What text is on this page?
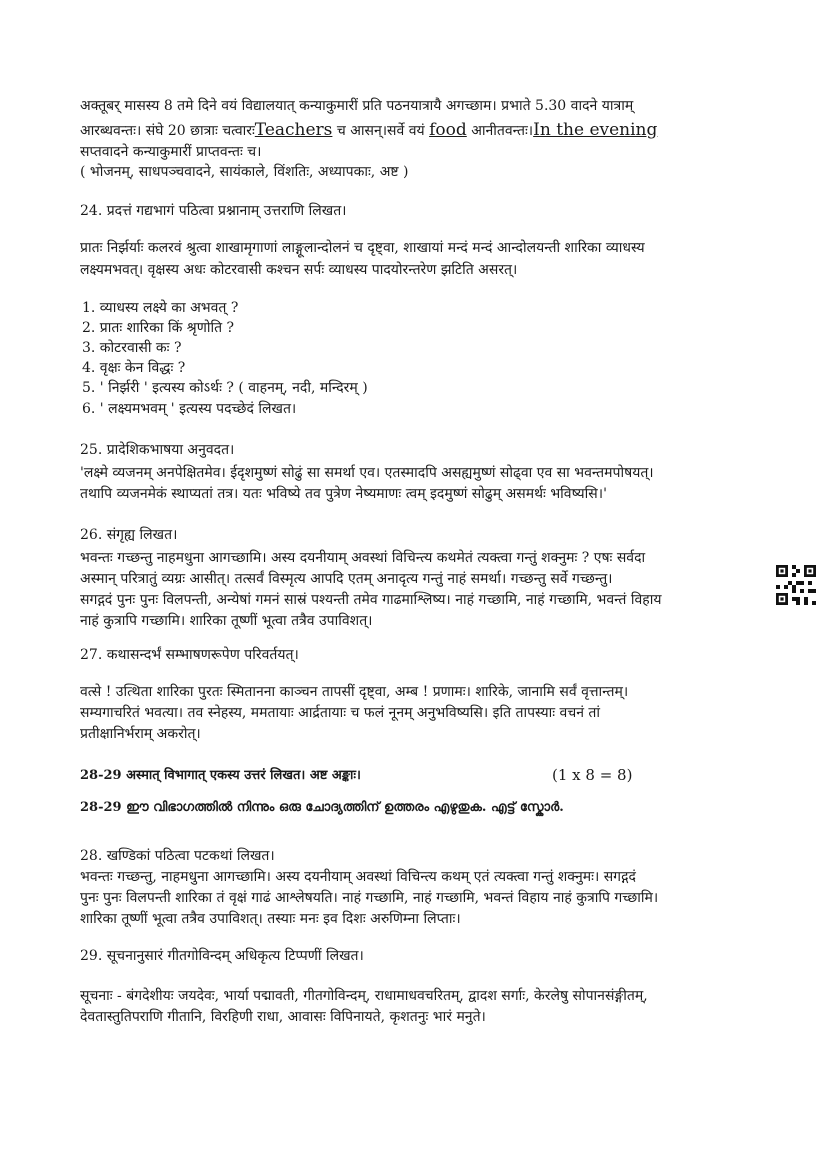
अक्तूबर् मासस्य 8 तमे दिने वयं विद्यालयात् कन्याकुमारीं प्रति पठनयात्रायै अगच्छाम। प्रभाते 5.30 वादने यात्राम्
आरब्धवन्तः। संघे 20 छात्राः चत्वारःTeachers च आसन्।सर्वे वयं food आनीतवन्तः।In the evening
सप्तवादने कन्याकुमारीं प्राप्तवन्तः च।
( भोजनम्, साधपञ्चवादने, सायंकाले, विंशतिः, अध्यापकाः, अष्ट )
24. प्रदत्तं गद्यभागं पठित्वा प्रश्नानाम् उत्तराणि लिखत।
प्रातः निर्झर्याः कलरवं श्रुत्वा शाखामृगाणां लाङ्गूलान्दोलनं च दृष्ट्वा, शाखायां मन्दं मन्दं आन्दोलयन्ती शारिका व्याधस्य
लक्ष्यमभवत्। वृक्षस्य अधः कोटरवासी कश्चन सर्पः व्याधस्य पादयोरन्तरेण झटिति असरत्।
1. व्याधस्य लक्ष्ये का अभवत् ?
2. प्रातः शारिका किं श्रृणोति ?
3. कोटरवासी कः ?
4. वृक्षः केन विद्धः ?
5. ' निर्झरी ' इत्यस्य कोऽर्थः ? ( वाहनम्, नदी, मन्दिरम् )
6. ' लक्ष्यमभवम् ' इत्यस्य पदच्छेदं लिखत।
25. प्रादेशिकभाषया अनुवदत।
'लक्ष्मे व्यजनम् अनपेक्षितमेव। ईदृशमुष्णं सोढुं सा समर्था एव। एतस्मादपि असह्यमुष्णं सोढ्वा एव सा भवन्तमपोषयत्।
तथापि व्यजनमेकं स्थाप्यतां तत्र। यतः भविष्ये तव पुत्रेण नेष्यमाणः त्वम् इदमुष्णं सोढुम् असमर्थः भविष्यसि।'
26. संगृह्य लिखत।
भवन्तः गच्छन्तु नाहमधुना आगच्छामि। अस्य दयनीयाम् अवस्थां विचिन्त्य कथमेतं त्यक्त्वा गन्तुं शक्नुमः ? एषः सर्वदा
अस्मान् परित्रातुं व्यग्रः आसीत्। तत्सर्वं विस्मृत्य आपदि एतम् अनादृत्य गन्तुं नाहं समर्था। गच्छन्तु सर्वे गच्छन्तु।
सगद्गदं पुनः पुनः विलपन्ती, अन्येषां गमनं सास्रं पश्यन्ती तमेव गाढमाश्लिष्य। नाहं गच्छामि, नाहं गच्छामि, भवन्तं विहाय
नाहं कुत्रापि गच्छामि। शारिका तूष्णीं भूत्वा तत्रैव उपाविशत्।
27. कथासन्दर्भं सम्भाषणरूपेण परिवर्तयत्।
वत्से ! उत्थिता शारिका पुरतः स्मितानना काञ्चन तापसीं दृष्ट्वा, अम्ब ! प्रणामः। शारिके, जानामि सर्वं वृत्तान्तम्।
सम्यगाचरितं भवत्या। तव स्नेहस्य, ममतायाः आर्द्रतायाः च फलं नूनम् अनुभविष्यसि। इति तापस्याः वचनं तां
प्रतीक्षानिर्भराम् अकरोत्।
28-29 अस्मात् विभागात् एकस्य उत्तरं लिखत। अष्ट अङ्काः।	(1 x 8 = 8)
28-29 ഈ വിഭാഗത്തിൽ നിന്നും ഒരു ചോദ്യത്തിന് ഉത്തരം എഴുതുക. എട്ട് സ്കോർ.
28. खण्डिकां पठित्वा पटकथां लिखत।
भवन्तः गच्छन्तु, नाहमधुना आगच्छामि। अस्य दयनीयाम् अवस्थां विचिन्त्य कथम् एतं त्यक्त्वा गन्तुं शक्नुमः। सगद्गदं
पुनः पुनः विलपन्ती शारिका तं वृक्षं गाढं आश्लेषयति। नाहं गच्छामि, नाहं गच्छामि, भवन्तं विहाय नाहं कुत्रापि गच्छामि।
शारिका तूष्णीं भूत्वा तत्रैव उपाविशत्। तस्याः मनः इव दिशः अरुणिम्ना लिप्ताः।
29. सूचनानुसारं गीतगोविन्दम् अधिकृत्य टिप्पणीं लिखत।
सूचनाः - बंगदेशीयः जयदेवः, भार्या पद्मावती, गीतगोविन्दम्, राधामाधवचरितम्, द्वादश सर्गाः, केरलेषु सोपानसंङ्गीतम्,
देवतास्तुतिपराणि गीतानि, विरहिणी राधा, आवासः विपिनायते, कृशतनुः भारं मनुते।
